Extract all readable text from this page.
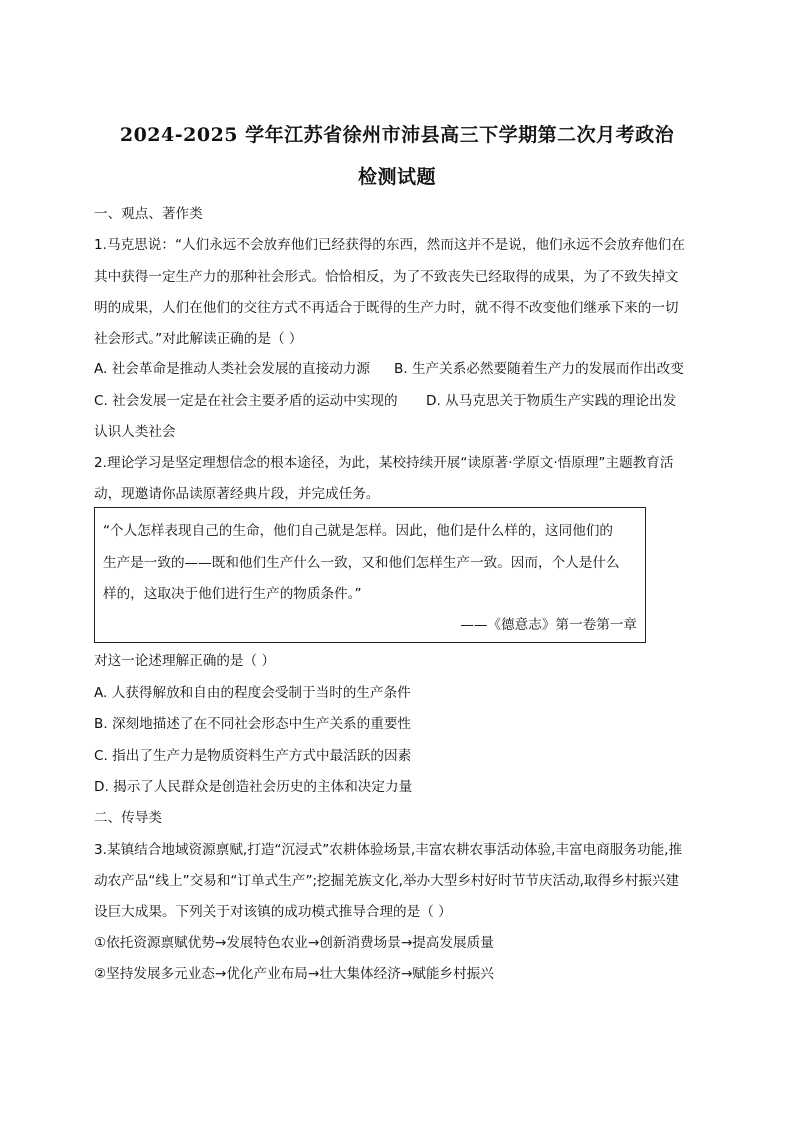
2024-2025 学年江苏省徐州市沛县高三下学期第二次月考政治
检测试题
一、观点、著作类
1.马克思说：“人们永远不会放弃他们已经获得的东西，然而这并不是说，他们永远不会放弃他们在
其中获得一定生产力的那种社会形式。恰恰相反，为了不致丧失已经取得的成果，为了不致失掉文
明的成果，人们在他们的交往方式不再适合于既得的生产力时，就不得不改变他们继承下来的一切
社会形式。”对此解读正确的是（ ）
A. 社会革命是推动人类社会发展的直接动力源 B. 生产关系必然要随着生产力的发展而作出改变
C. 社会发展一定是在社会主要矛盾的运动中实现的 D. 从马克思关于物质生产实践的理论出发
认识人类社会
2.理论学习是坚定理想信念的根本途径，为此，某校持续开展“读原著·学原文·悟原理”主题教育活
动，现邀请你品读原著经典片段，并完成任务。
“个人怎样表现自己的生命，他们自己就是怎样。因此，他们是什么样的，这同他们的
生产是一致的——既和他们生产什么一致，又和他们怎样生产一致。因而，个人是什么
样的，这取决于他们进行生产的物质条件。”
——《德意志》第一卷第一章
对这一论述理解正确的是（ ）
A. 人获得解放和自由的程度会受制于当时的生产条件
B. 深刻地描述了在不同社会形态中生产关系的重要性
C. 指出了生产力是物质资料生产方式中最活跃的因素
D. 揭示了人民群众是创造社会历史的主体和决定力量
二、传导类
3.某镇结合地域资源禀赋,打造“沉浸式”农耕体验场景,丰富农耕农事活动体验,丰富电商服务功能,推
动农产品“线上”交易和“订单式生产”;挖掘羌族文化,举办大型乡村好时节节庆活动,取得乡村振兴建
设巨大成果。下列关于对该镇的成功模式推导合理的是（ ）
①依托资源禀赋优势→发展特色农业→创新消费场景→提高发展质量
②坚持发展多元业态→优化产业布局→壮大集体经济→赋能乡村振兴
